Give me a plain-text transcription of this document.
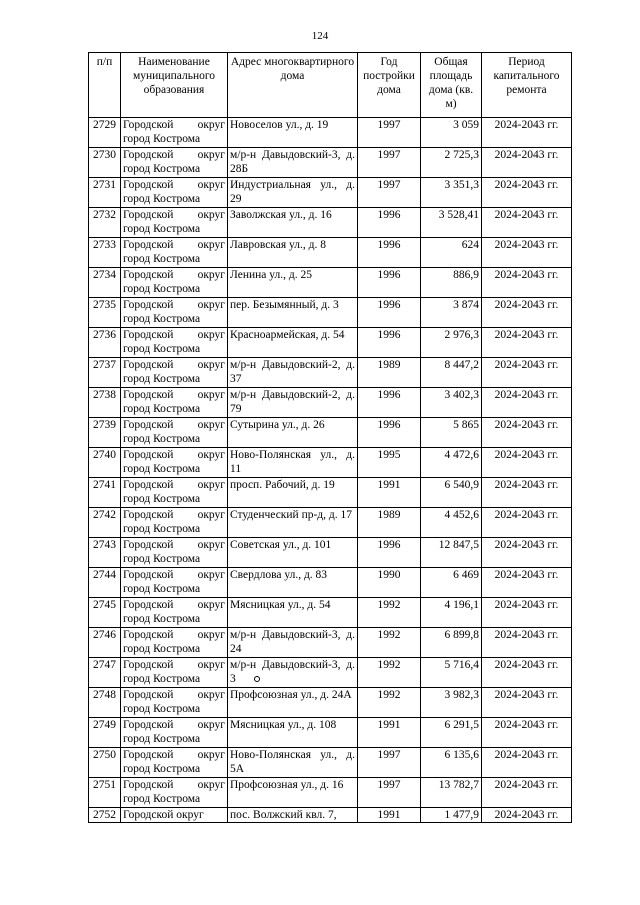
124
п/п	Наименование муниципального образования	Адрес многоквартирного дома	Год постройки дома	Общая площадь дома (кв. м)	Период капитального ремонта
2729	Городской округ город Кострома	Новоселов ул., д. 19	1997	3 059	2024-2043 гг.
2730	Городской округ город Кострома	м/р-н Давыдовский-3, д. 28Б	1997	2 725,3	2024-2043 гг.
2731	Городской округ город Кострома	Индустриальная ул., д. 29	1997	3 351,3	2024-2043 гг.
2732	Городской округ город Кострома	Заволжская ул., д. 16	1996	3 528,41	2024-2043 гг.
2733	Городской округ город Кострома	Лавровская ул., д. 8	1996	624	2024-2043 гг.
2734	Городской округ город Кострома	Ленина ул., д. 25	1996	886,9	2024-2043 гг.
2735	Городской округ город Кострома	пер. Безымянный, д. 3	1996	3 874	2024-2043 гг.
2736	Городской округ город Кострома	Красноармейская, д. 54	1996	2 976,3	2024-2043 гг.
2737	Городской округ город Кострома	м/р-н Давыдовский-2, д. 37	1989	8 447,2	2024-2043 гг.
2738	Городской округ город Кострома	м/р-н Давыдовский-2, д. 79	1996	3 402,3	2024-2043 гг.
2739	Городской округ город Кострома	Сутырина ул., д. 26	1996	5 865	2024-2043 гг.
2740	Городской округ город Кострома	Ново-Полянская ул., д. 11	1995	4 472,6	2024-2043 гг.
2741	Городской округ город Кострома	просп. Рабочий, д. 19	1991	6 540,9	2024-2043 гг.
2742	Городской округ город Кострома	Студенческий пр-д, д. 17	1989	4 452,6	2024-2043 гг.
2743	Городской округ город Кострома	Советская ул., д. 101	1996	12 847,5	2024-2043 гг.
2744	Городской округ город Кострома	Свердлова ул., д. 83	1990	6 469	2024-2043 гг.
2745	Городской округ город Кострома	Мясницкая ул., д. 54	1992	4 196,1	2024-2043 гг.
2746	Городской округ город Кострома	м/р-н Давыдовский-3, д. 24	1992	6 899,8	2024-2043 гг.
2747	Городской округ город Кострома	м/р-н Давыдовский-3, д. 3	1992	5 716,4	2024-2043 гг.
2748	Городской округ город Кострома	Профсоюзная ул., д. 24А	1992	3 982,3	2024-2043 гг.
2749	Городской округ город Кострома	Мясницкая ул., д. 108	1991	6 291,5	2024-2043 гг.
2750	Городской округ город Кострома	Ново-Полянская ул., д. 5А	1997	6 135,6	2024-2043 гг.
2751	Городской округ город Кострома	Профсоюзная ул., д. 16	1997	13 782,7	2024-2043 гг.
2752	Городской округ	пос. Волжский квл. 7,	1991	1 477,9	2024-2043 гг.
